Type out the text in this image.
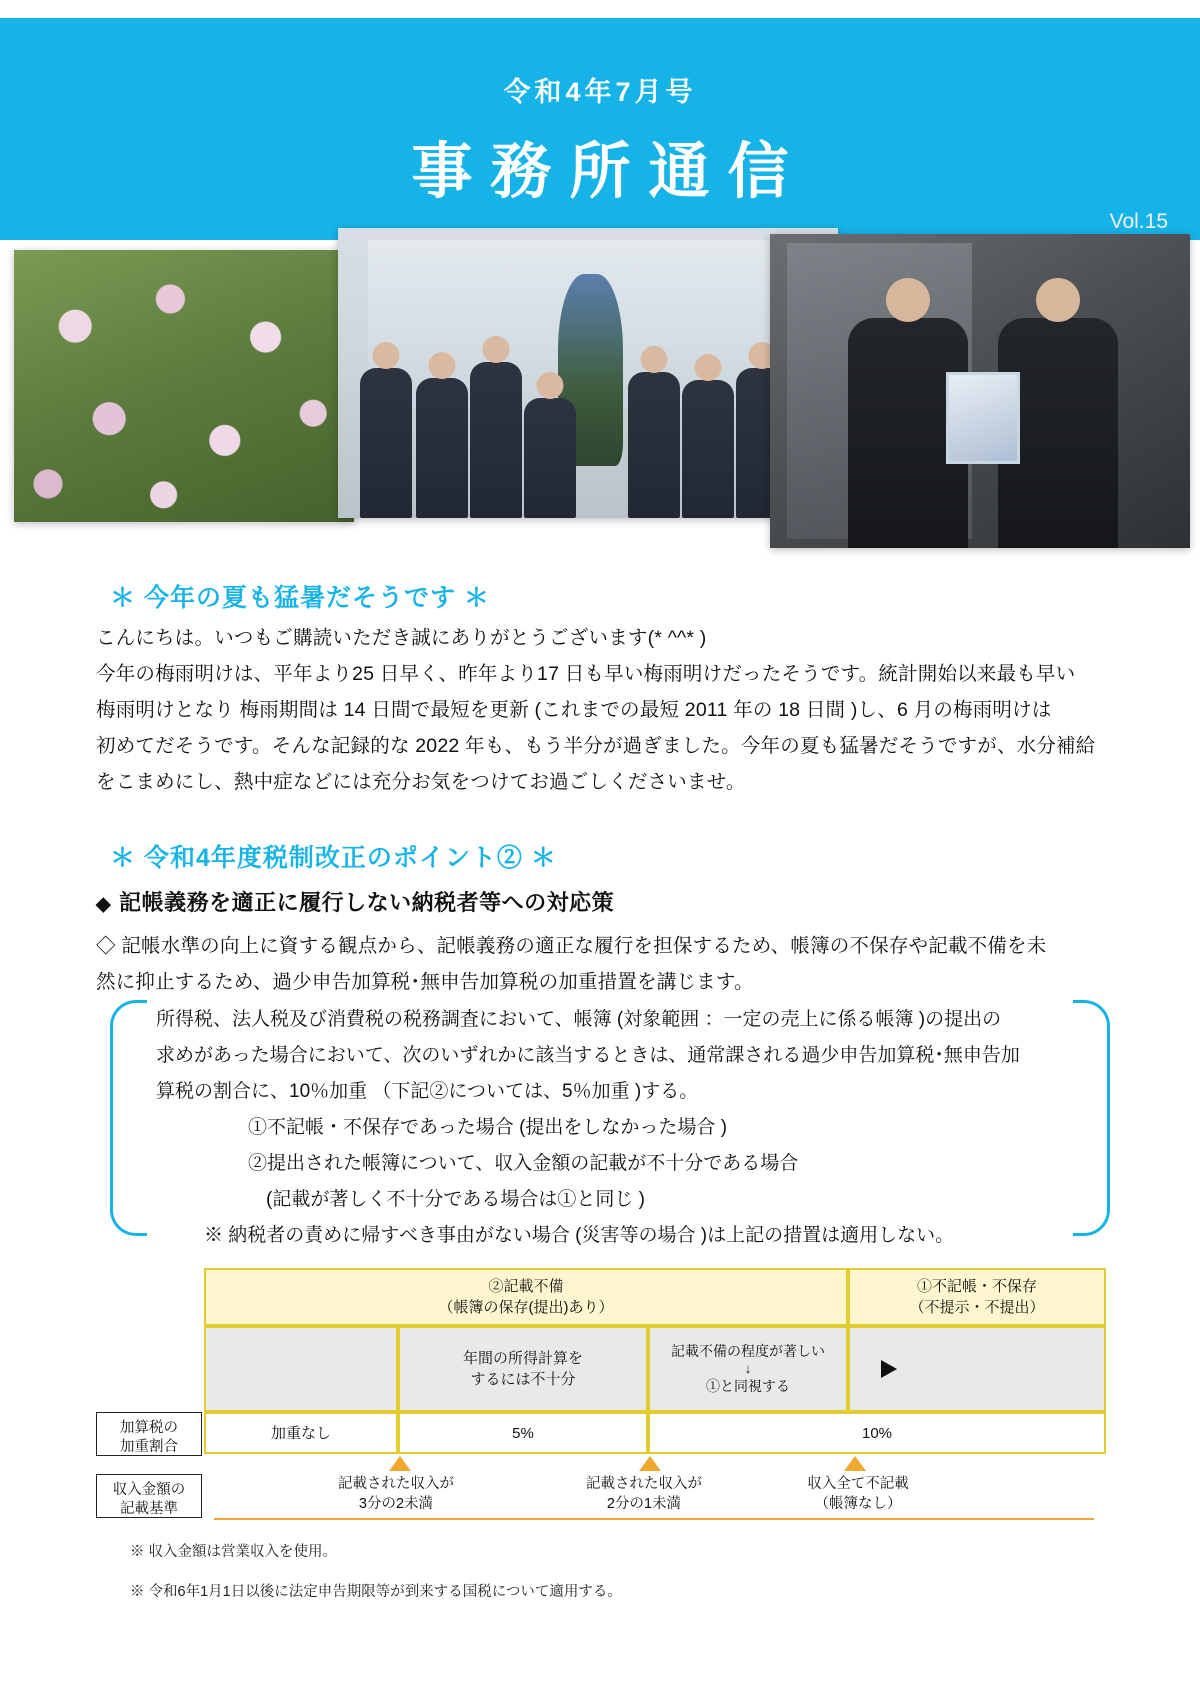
令和4年7月号
事務所通信
Vol.15
＊ 今年の夏も猛暑だそうです ＊
こんにちは。いつもご購読いただき誠にありがとうございます(* ^^* )
今年の梅雨明けは、平年より25 日早く、昨年より17 日も早い梅雨明けだったそうです。統計開始以来最も早い
梅雨明けとなり 梅雨期間は 14 日間で最短を更新 (これまでの最短 2011 年の 18 日間 )し、6 月の梅雨明けは
初めてだそうです。そんな記録的な 2022 年も、もう半分が過ぎました。今年の夏も猛暑だそうですが、水分補給
をこまめにし、熱中症などには充分お気をつけてお過ごしくださいませ。
＊ 令和4年度税制改正のポイント② ＊
◆ 記帳義務を適正に履行しない納税者等への対応策
◇ 記帳水準の向上に資する観点から、記帳義務の適正な履行を担保するため、帳簿の不保存や記載不備を未
然に抑止するため、過少申告加算税･無申告加算税の加重措置を講じます。
所得税、法人税及び消費税の税務調査において、帳簿 (対象範囲 ：一定の売上に係る帳簿 )の提出の
求めがあった場合において、次のいずれかに該当するときは、通常課される過少申告加算税･無申告加
算税の割合に、10％加重 （下記②については、5％加重 )する。
①不記帳・不保存であった場合 (提出をしなかった場合 )
②提出された帳簿について、収入金額の記載が不十分である場合
(記載が著しく不十分である場合は①と同じ )
※ 納税者の責めに帰すべき事由がない場合 (災害等の場合 )は上記の措置は適用しない。
②記載不備
（帳簿の保存(提出)あり）
①不記帳・不保存
（不提示・不提出）
年間の所得計算を
するには不十分
記載不備の程度が著しい
↓
①と同視する
加算税の
加重割合
加重なし	5%	10%
収入金額の
記載基準
記載された収入が
3分の2未満
記載された収入が
2分の1未満
収入全て不記載
（帳簿なし）
※ 収入金額は営業収入を使用。
※ 令和6年1月1日以後に法定申告期限等が到来する国税について適用する。
